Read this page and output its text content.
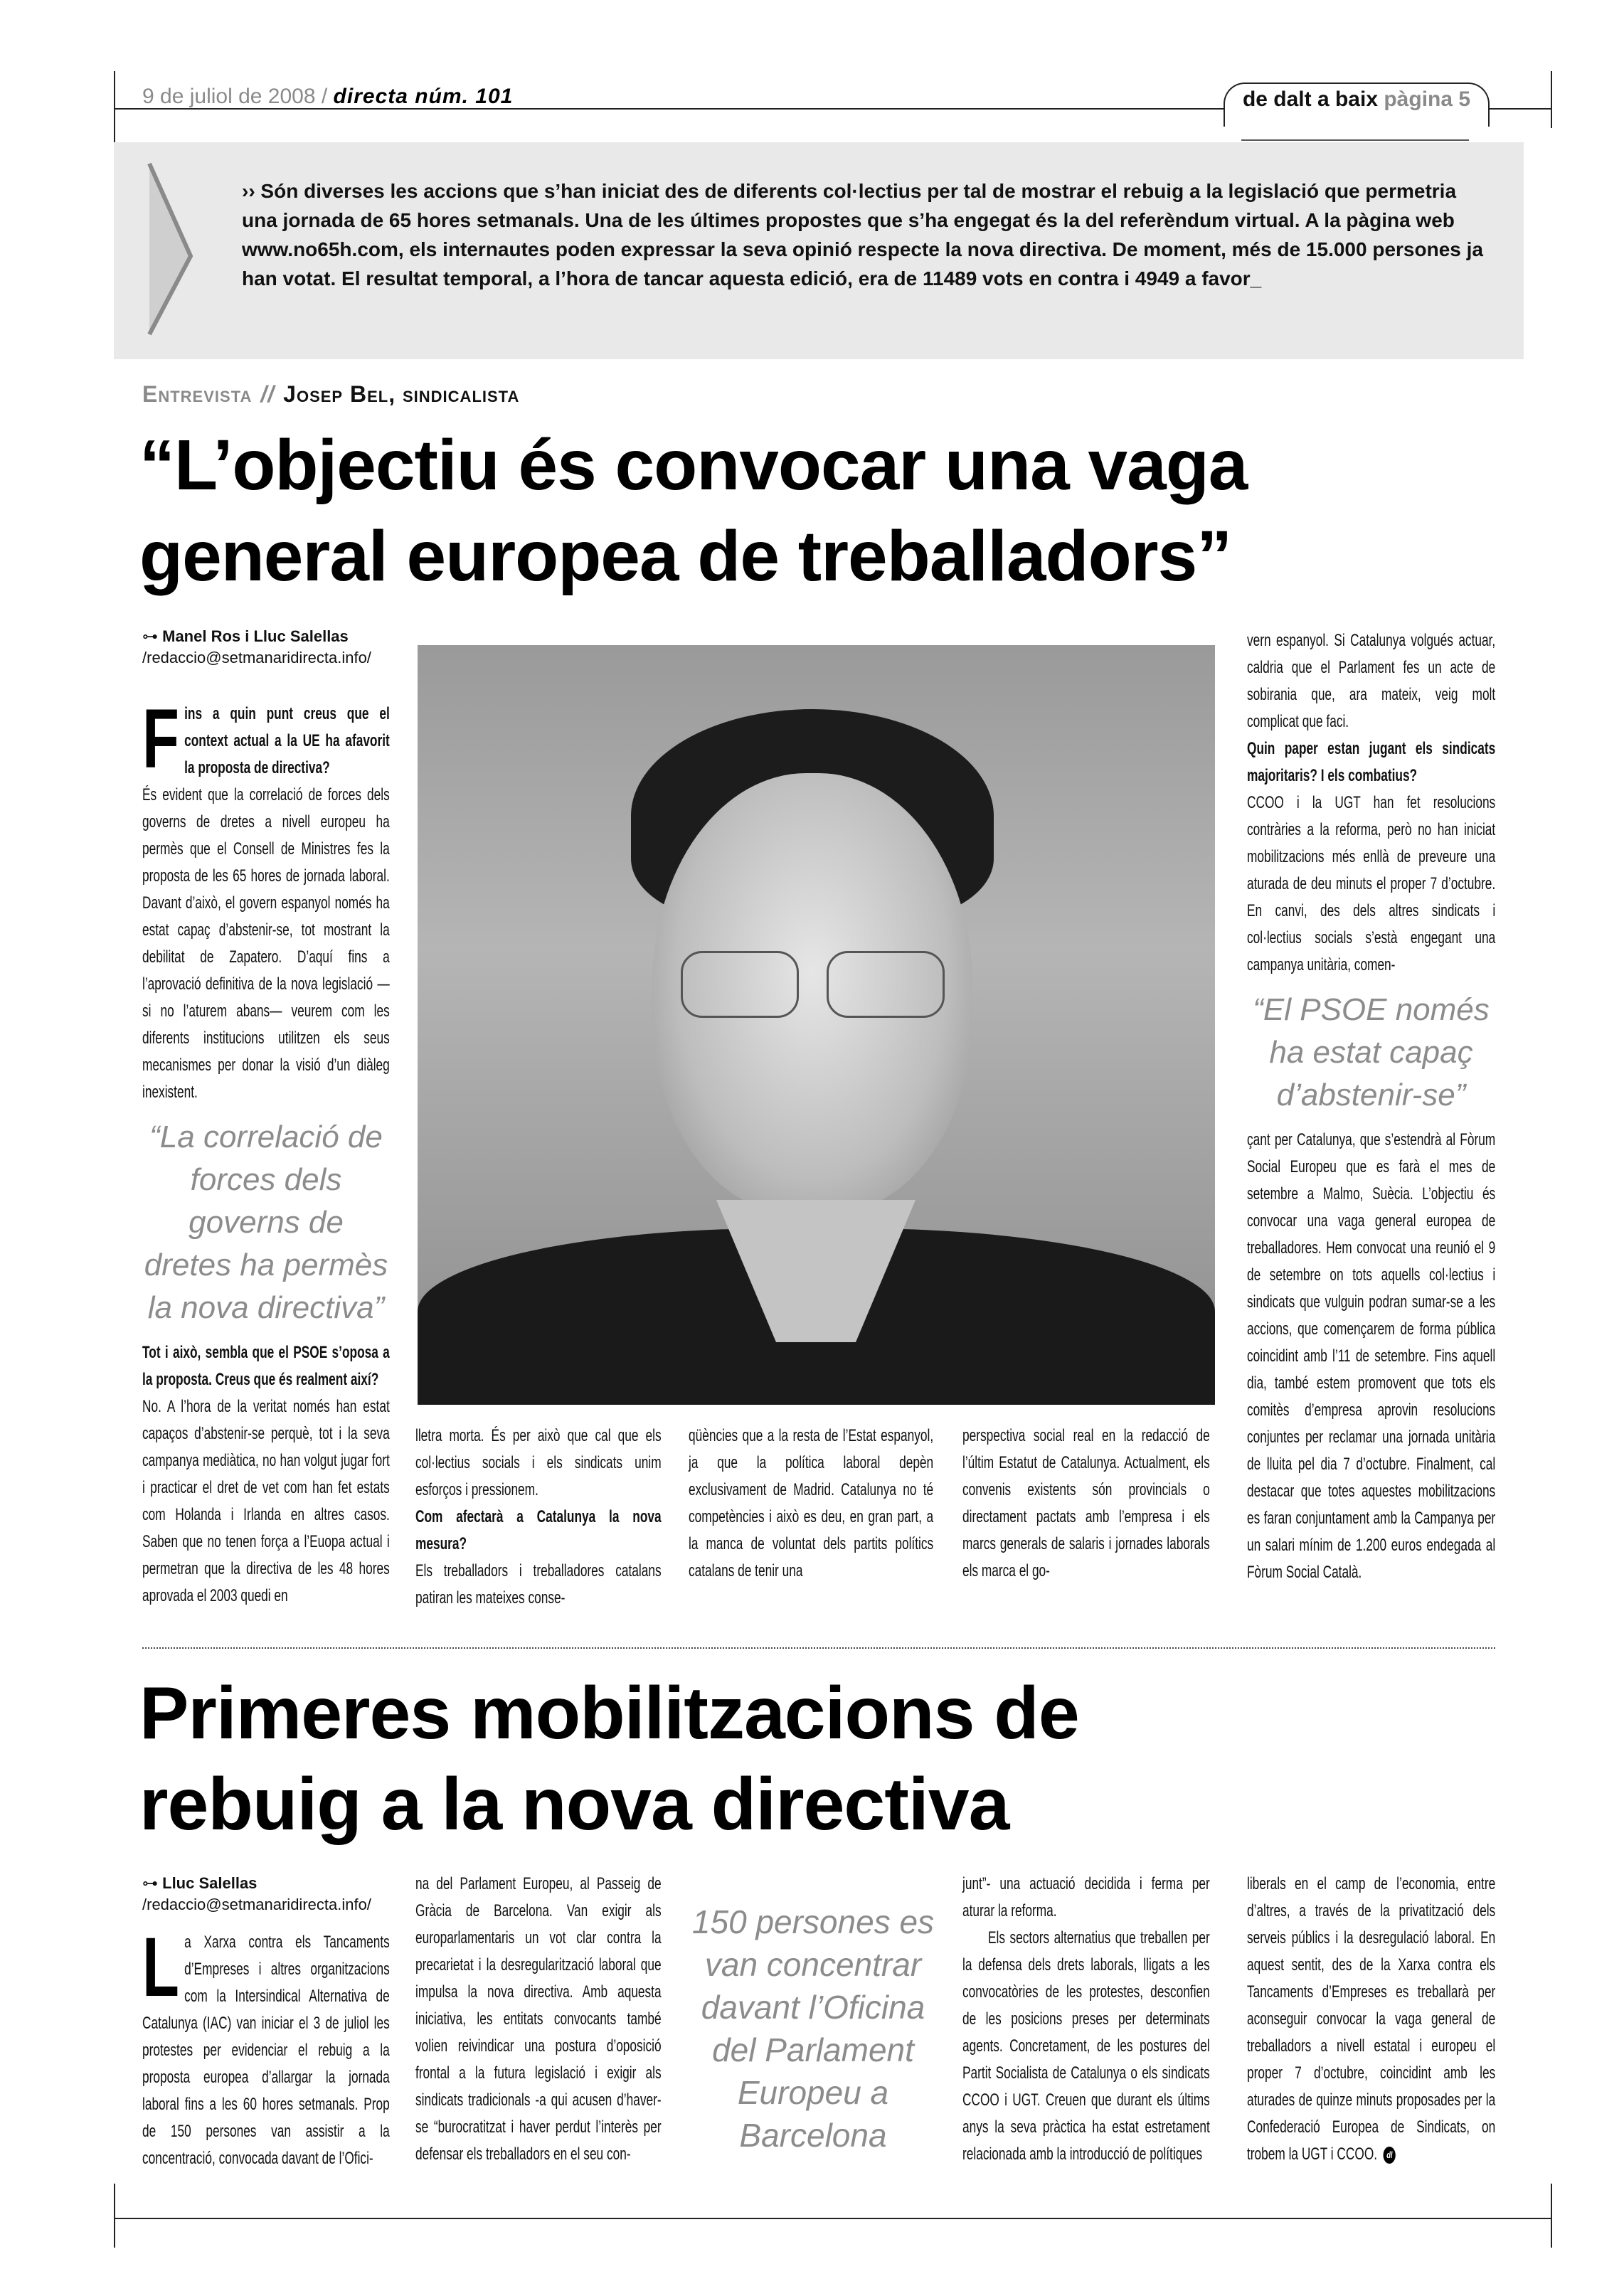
9 de juliol de 2008 / directa núm. 101	de dalt a baix pàgina 5
›› Són diverses les accions que s’han iniciat des de diferents col·lectius per tal de mostrar el rebuig a la legislació que permetria una jornada de 65 hores setmanals. Una de les últimes propostes que s’ha engegat és la del referèndum virtual. A la pàgina web www.no65h.com, els internautes poden expressar la seva opinió respecte la nova directiva. De moment, més de 15.000 persones ja han votat. El resultat temporal, a l’hora de tancar aquesta edició, era de 11489 vots en contra i 4949 a favor_
Entrevista // Josep Bel, sindicalista
“L’objectiu és convocar una vaga
general europea de treballadors”
⊶ Manel Ros i Lluc Salellas
/redaccio@setmanaridirecta.info/

Fins a quin punt creus que el context actual a la UE ha afavorit la proposta de directiva?

És evident que la correlació de forces dels governs de dretes a nivell europeu ha permès que el Consell de Ministres fes la proposta de les 65 hores de jornada laboral. Davant d’això, el govern espanyol només ha estat capaç d’abstenir-se, tot mostrant la debilitat de Zapatero. D’aquí fins a l’aprovació definitiva de la nova legislació —si no l’aturem abans— veurem com les diferents institucions utilitzen els seus mecanismes per donar la visió d’un diàleg inexistent.

“La correlació de forces dels governs de dretes ha permès la nova directiva”

Tot i això, sembla que el PSOE s’oposa a la proposta. Creus que és realment així?

No. A l’hora de la veritat només han estat capaços d’abstenir-se perquè, tot i la seva campanya mediàtica, no han volgut jugar fort i practicar el dret de vet com han fet estats com Holanda i Irlanda en altres casos. Saben que no tenen força a l’Euopa actual i permetran que la directiva de les 48 hores aprovada el 2003 quedi en

lletra morta. És per això que cal que els col·lectius socials i els sindicats unim esforços i pressionem.

Com afectarà a Catalunya la nova mesura?

Els treballadors i treballadores catalans patiran les mateixes conse-

qüències que a la resta de l’Estat espanyol, ja que la política laboral depèn exclusivament de Madrid. Catalunya no té competències i això es deu, en gran part, a la manca de voluntat dels partits polítics catalans de tenir una

perspectiva social real en la redacció de l’últim Estatut de Catalunya. Actualment, els convenis existents són provincials o directament pactats amb l’empresa i els marcs generals de salaris i jornades laborals els marca el go-

vern espanyol. Si Catalunya volgués actuar, caldria que el Parlament fes un acte de sobirania que, ara mateix, veig molt complicat que faci.

Quin paper estan jugant els sindicats majoritaris? I els combatius?

CCOO i la UGT han fet resolucions contràries a la reforma, però no han iniciat mobilitzacions més enllà de preveure una aturada de deu minuts el proper 7 d’octubre. En canvi, des dels altres sindicats i col·lectius socials s’està engegant una campanya unitària, comen-

“El PSOE només ha estat capaç d’abstenir-se”

çant per Catalunya, que s’estendrà al Fòrum Social Europeu que es farà el mes de setembre a Malmo, Suècia. L’objectiu és convocar una vaga general europea de treballadores. Hem convocat una reunió el 9 de setembre on tots aquells col·lectius i sindicats que vulguin podran sumar-se a les accions, que començarem de forma pública coincidint amb l’11 de setembre. Fins aquell dia, també estem promovent que tots els comitès d’empresa aprovin resolucions conjuntes per reclamar una jornada unitària de lluita pel dia 7 d’octubre. Finalment, cal destacar que totes aquestes mobilitzacions es faran conjuntament amb la Campanya per un salari mínim de 1.200 euros endegada al Fòrum Social Català.

Primeres mobilitzacions de
rebuig a la nova directiva
⊶ Lluc Salellas
/redaccio@setmanaridirecta.info/

La Xarxa contra els Tancaments d’Empreses i altres organitzacions com la Intersindical Alternativa de Catalunya (IAC) van iniciar el 3 de juliol les protestes per evidenciar el rebuig a la proposta europea d’allargar la jornada laboral fins a les 60 hores setmanals. Prop de 150 persones van assistir a la concentració, convocada davant de l’Ofici-

na del Parlament Europeu, al Passeig de Gràcia de Barcelona. Van exigir als europarlamentaris un vot clar contra la precarietat i la desregularització laboral que impulsa la nova directiva. Amb aquesta iniciativa, les entitats convocants també volien reivindicar una postura d’oposició frontal a la futura legislació i exigir als sindicats tradicionals -a qui acusen d’haver-se “burocratitzat i haver perdut l’interès per defensar els treballadors en el seu con-

150 persones es van concentrar davant l’Oficina del Parlament Europeu a Barcelona

junt”- una actuació decidida i ferma per aturar la reforma.

Els sectors alternatius que treballen per la defensa dels drets laborals, lligats a les convocatòries de les protestes, desconfien de les posicions preses per determinats agents. Concretament, de les postures del Partit Socialista de Catalunya o els sindicats CCOO i UGT. Creuen que durant els últims anys la seva pràctica ha estat estretament relacionada amb la introducció de polítiques

liberals en el camp de l’economia, entre d’altres, a través de la privatització dels serveis públics i la desregulació laboral. En aquest sentit, des de la Xarxa contra els Tancaments d’Empreses es treballarà per aconseguir convocar la vaga general de treballadors a nivell estatal i europeu el proper 7 d’octubre, coincidint amb les aturades de quinze minuts proposades per la Confederació Europea de Sindicats, on trobem la UGT i CCOO. dl
